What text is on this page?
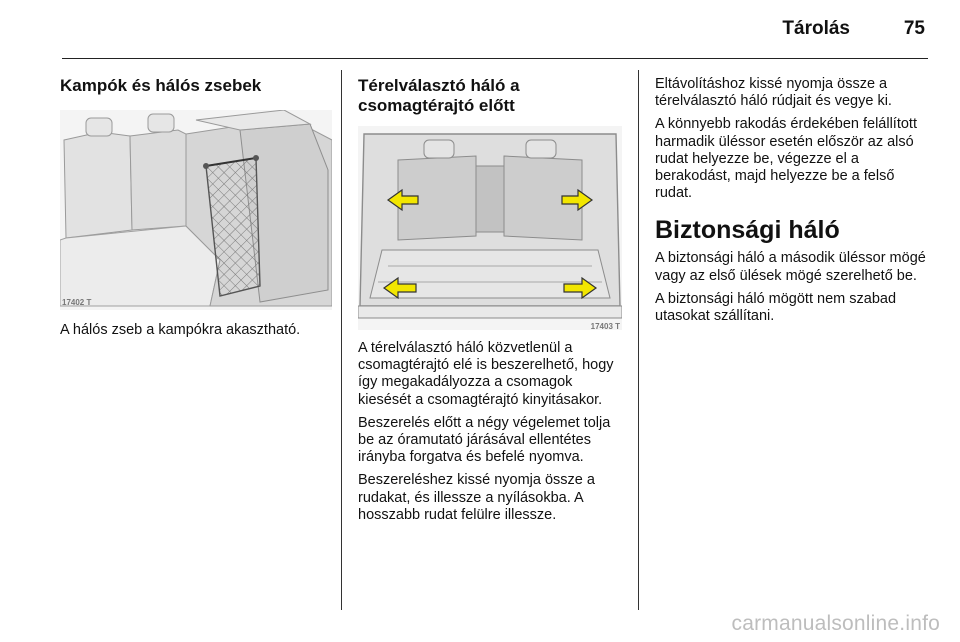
Tárolás	75
Kampók és hálós zsebek
17402 T

A hálós zseb a kampókra akasztható.

Térelválasztó háló a
csomagtérajtó előtt
17403 T

A térelválasztó háló közvetlenül a csomagtérajtó elé is beszerelhető, hogy így megakadályozza a csomagok kiesését a csomagtérajtó kinyitásakor.

Beszerelés előtt a négy végelemet tolja be az óramutató járásával ellentétes irányba forgatva és befelé nyomva.

Beszereléshez kissé nyomja össze a rudakat, és illessze a nyílásokba. A hosszabb rudat felülre illessze.

Eltávolításhoz kissé nyomja össze a térelválasztó háló rúdjait és vegye ki.

A könnyebb rakodás érdekében felállított harmadik üléssor esetén először az alsó rudat helyezze be, végezze el a berakodást, majd helyezze be a felső rudat.

Biztonsági háló

A biztonsági háló a második üléssor mögé vagy az első ülések mögé szerelhető be.

A biztonsági háló mögött nem szabad utasokat szállítani.

carmanualsonline.info
